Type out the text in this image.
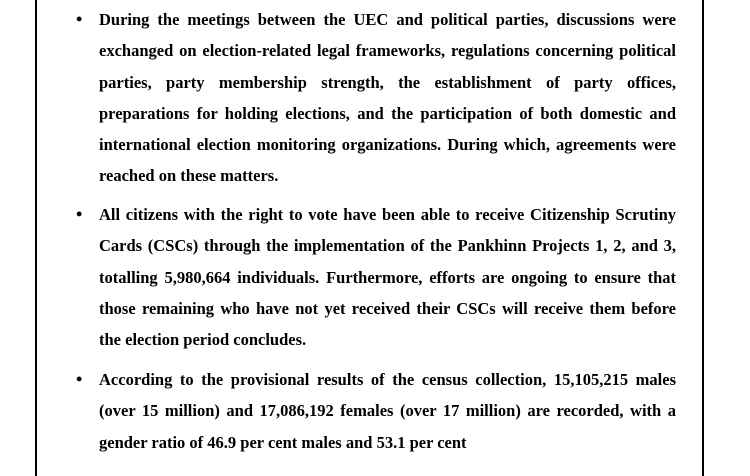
• During the meetings between the UEC and political parties, discussions were exchanged on election-related legal frameworks, regulations concerning political parties, party membership strength, the establishment of party offices, preparations for holding elections, and the participation of both domestic and international election monitoring organizations. During which, agreements were reached on these matters.

• All citizens with the right to vote have been able to receive Citizenship Scrutiny Cards (CSCs) through the implementation of the Pankhinn Projects 1, 2, and 3, totalling 5,980,664 individuals. Furthermore, efforts are ongoing to ensure that those remaining who have not yet received their CSCs will receive them before the election period concludes.

• According to the provisional results of the census collection, 15,105,215 males (over 15 million) and 17,086,192 females (over 17 million) are recorded, with a gender ratio of 46.9 per cent males and 53.1 per cent
